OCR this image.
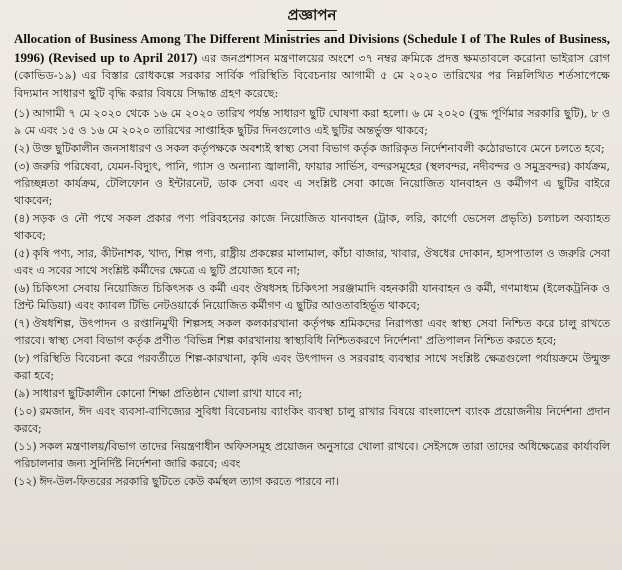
প্রজ্ঞাপন

Allocation of Business Among The Different Ministries and Divisions (Schedule I of The Rules of Business, 1996) (Revised up to April 2017) এর জনপ্রশাসন মন্ত্রণালয়ের অংশে ৩৭ নম্বর ক্রমিকে প্রদত্ত ক্ষমতাবলে করোনা ভাইরাস রোগ (কোভিড-১৯) এর বিস্তার রোধকল্পে সরকার সার্বিক পরিস্থিতি বিবেচনায় আগামী ৫ মে ২০২০ তারিখের পর নিম্নলিখিত শর্তসাপেক্ষে বিদ্যমান সাধারণ ছুটি বৃদ্ধি করার বিষয়ে সিদ্ধান্ত গ্রহণ করেছে:

(১) আগামী ৭ মে ২০২০ থেকে ১৬ মে ২০২০ তারিখ পর্যন্ত সাধারণ ছুটি ঘোষণা করা হলো। ৬ মে ২০২০ (বুদ্ধ পূর্ণিমার সরকারি ছুটি), ৮ ও ৯ মে এবং ১৫ ও ১৬ মে ২০২০ তারিখের সাপ্তাহিক ছুটির দিনগুলোও এই ছুটির অন্তর্ভুক্ত থাকবে;

(২) উক্ত ছুটিকালীন জনসাধারণ ও সকল কর্তৃপক্ষকে অবশ্যই স্বাস্থ্য সেবা বিভাগ কর্তৃক জারিকৃত নির্দেশনাবলী কঠোরভাবে মেনে চলতে হবে;

(৩) জরুরি পরিষেবা, যেমন-বিদ্যুৎ, পানি, গ্যাস ও অন্যান্য জ্বালানী, ফায়ার সার্ভিস, বন্দরসমূহের (স্থলবন্দর, নদীবন্দর ও সমুদ্রবন্দর) কার্যক্রম, পরিচ্ছন্নতা কার্যক্রম, টেলিফোন ও ইন্টারনেট, ডাক সেবা এবং এ সংশ্লিষ্ট সেবা কাজে নিয়োজিত যানবাহন ও কর্মীগণ এ ছুটির বাইরে থাকবেন;

(৪) সড়ক ও নৌ পথে সকল প্রকার পণ্য পরিবহনের কাজে নিয়োজিত যানবাহন (ট্রাক, লরি, কার্গো ভেসেল প্রভৃতি) চলাচল অব্যাহত থাকবে;

(৫) কৃষি পণ্য, সার, কীটনাশক, খাদ্য, শিল্প পণ্য, রাষ্ট্রীয় প্রকল্পের মালামাল, কাঁচা বাজার, খাবার, ঔষধের দোকান, হাসপাতাল ও জরুরি সেবা এবং এ সবের সাথে সংশ্লিষ্ট কর্মীদের ক্ষেত্রে এ ছুটি প্রযোজ্য হবে না;

(৬) চিকিৎসা সেবায় নিয়োজিত চিকিৎসক ও কর্মী এবং ঔষধসহ চিকিৎসা সরঞ্জামাদি বহনকারী যানবাহন ও কর্মী, গণমাধ্যম (ইলেকট্রনিক ও প্রিন্ট মিডিয়া) এবং ক্যাবল টিভি নেটওয়ার্কে নিয়োজিত কর্মীগণ এ ছুটির আওতাবহির্ভূত থাকবে;

(৭) ঔষধশিল্প, উৎপাদন ও রপ্তানিমুখী শিল্পসহ সকল কলকারখানা কর্তৃপক্ষ শ্রমিকদের নিরাপত্তা এবং স্বাস্থ্য সেবা নিশ্চিত করে চালু রাখতে পারবে। স্বাস্থ্য সেবা বিভাগ কর্তৃক প্রণীত 'বিভিন্ন শিল্প কারখানায় স্বাস্থ্যবিধি নিশ্চিতকরণে নির্দেশনা' প্রতিপালন নিশ্চিত করতে হবে;

(৮) পরিস্থিতি বিবেচনা করে পরবর্তীতে শিল্প-কারখানা, কৃষি এবং উৎপাদন ও সরবরাহ ব্যবস্থার সাথে সংশ্লিষ্ট ক্ষেত্রগুলো পর্যায়ক্রমে উন্মুক্ত করা হবে;

(৯) সাধারণ ছুটিকালীন কোনো শিক্ষা প্রতিষ্ঠান খোলা রাখা যাবে না;

(১০) রমজান, ঈদ এবং ব্যবসা-বাণিজ্যের সুবিধা বিবেচনায় ব্যাংকিং ব্যবস্থা চালু রাখার বিষয়ে বাংলাদেশ ব্যাংক প্রয়োজনীয় নির্দেশনা প্রদান করবে;

(১১) সকল মন্ত্রণালয়/বিভাগ তাদের নিয়ন্ত্রণাধীন অফিসসমূহ প্রয়োজন অনুসারে খোলা রাখবে। সেইসঙ্গে তারা তাদের অধিক্ষেত্রের কার্যাবলি পরিচালনার জন্য সুনির্দিষ্ট নির্দেশনা জারি করবে; এবং

(১২) ঈদ-উল-ফিতরের সরকারি ছুটিতে কেউ কর্মস্থল ত্যাগ করতে পারবে না।
